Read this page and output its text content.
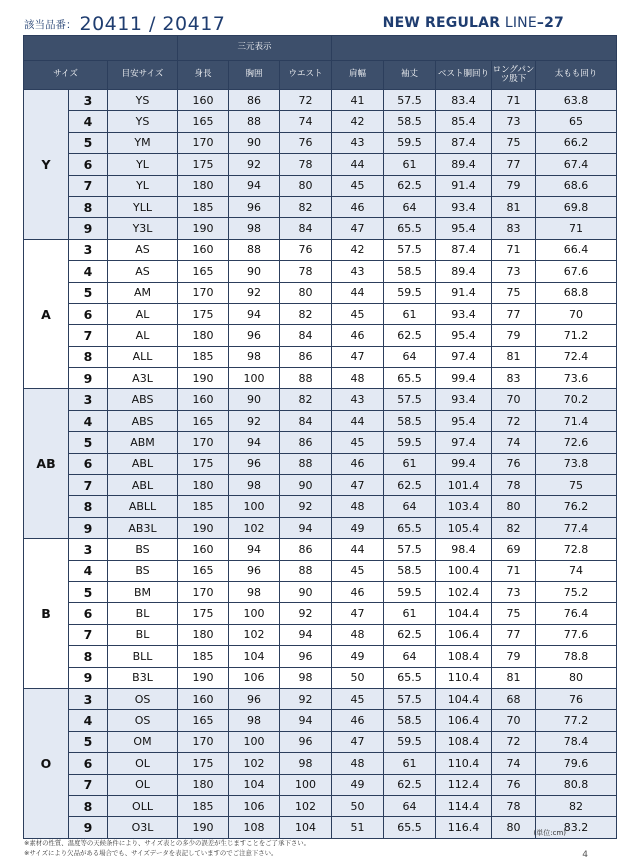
該当品番： 20411 / 20417	NEW REGULAR LINE–27
			三元表示							
サイズ		目安サイズ	身長	胸囲	ウエスト	肩幅	袖丈	ベスト胴回り	ロングパンツ股下	太もも回り
Y	3	YS	160	86	72	41	57.5	83.4	71	63.8
	4	YS	165	88	74	42	58.5	85.4	73	65
	5	YM	170	90	76	43	59.5	87.4	75	66.2
	6	YL	175	92	78	44	61	89.4	77	67.4
	7	YL	180	94	80	45	62.5	91.4	79	68.6
	8	YLL	185	96	82	46	64	93.4	81	69.8
	9	Y3L	190	98	84	47	65.5	95.4	83	71
A	3	AS	160	88	76	42	57.5	87.4	71	66.4
	4	AS	165	90	78	43	58.5	89.4	73	67.6
	5	AM	170	92	80	44	59.5	91.4	75	68.8
	6	AL	175	94	82	45	61	93.4	77	70
	7	AL	180	96	84	46	62.5	95.4	79	71.2
	8	ALL	185	98	86	47	64	97.4	81	72.4
	9	A3L	190	100	88	48	65.5	99.4	83	73.6
AB	3	ABS	160	90	82	43	57.5	93.4	70	70.2
	4	ABS	165	92	84	44	58.5	95.4	72	71.4
	5	ABM	170	94	86	45	59.5	97.4	74	72.6
	6	ABL	175	96	88	46	61	99.4	76	73.8
	7	ABL	180	98	90	47	62.5	101.4	78	75
	8	ABLL	185	100	92	48	64	103.4	80	76.2
	9	AB3L	190	102	94	49	65.5	105.4	82	77.4
B	3	BS	160	94	86	44	57.5	98.4	69	72.8
	4	BS	165	96	88	45	58.5	100.4	71	74
	5	BM	170	98	90	46	59.5	102.4	73	75.2
	6	BL	175	100	92	47	61	104.4	75	76.4
	7	BL	180	102	94	48	62.5	106.4	77	77.6
	8	BLL	185	104	96	49	64	108.4	79	78.8
	9	B3L	190	106	98	50	65.5	110.4	81	80
O	3	OS	160	96	92	45	57.5	104.4	68	76
	4	OS	165	98	94	46	58.5	106.4	70	77.2
	5	OM	170	100	96	47	59.5	108.4	72	78.4
	6	OL	175	102	98	48	61	110.4	74	79.6
	7	OL	180	104	100	49	62.5	112.4	76	80.8
	8	OLL	185	106	102	50	64	114.4	78	82
	9	O3L	190	108	104	51	65.5	116.4	80	83.2
(単位:cm)
※素材の性質、温度等の天候条件により、サイズ表との多少の誤差が生じますことをご了承下さい。
※サイズにより欠品がある場合でも、サイズデータを表記していますのでご注意下さい。	4
